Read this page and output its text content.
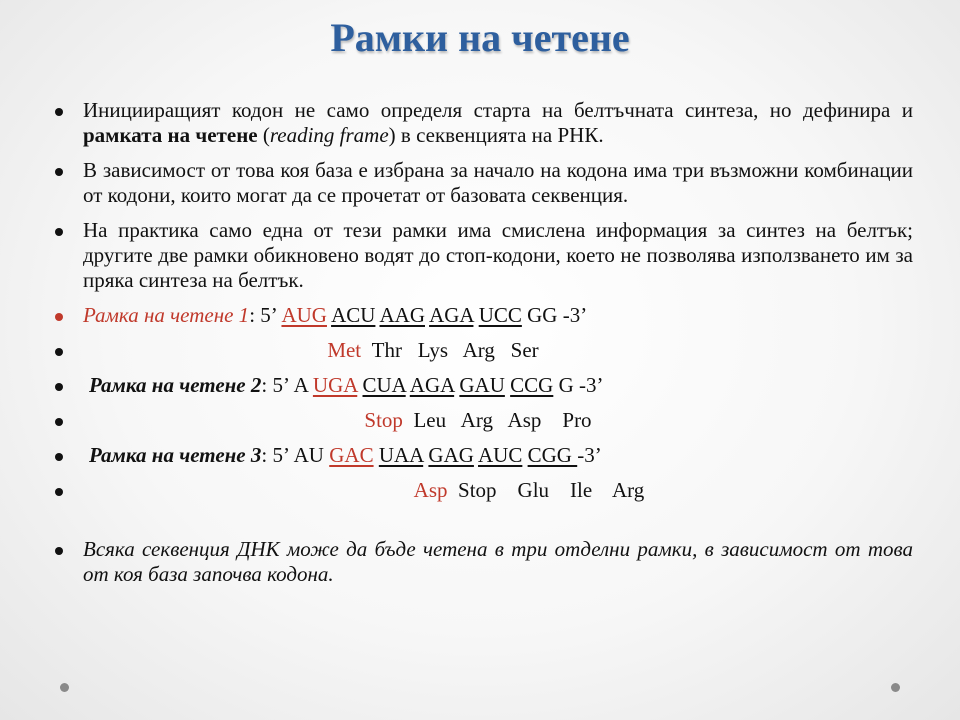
Рамки на четене
Иницииращият кодон не само определя старта на белтъчната синтеза, но дефинира и рамката на четене (reading frame) в секвенцията на РНК.
В зависимост от това коя база е избрана за начало на кодона има три възможни комбинации от кодони, които могат да се прочетат от базовата секвенция.
На практика само една от тези рамки има смислена информация за синтез на белтък; другите две рамки обикновено водят до стоп-кодони, което не позволява използването им за пряка синтеза на белтък.
Рамка на четене 1: 5’ AUG ACU AAG AGA UCC GG -3’
Met Thr   Lys   Arg   Ser
Рамка на четене 2: 5’ A UGA CUA AGA GAU CCG G -3’
Stop Leu   Arg   Asp    Pro
Рамка на четене 3: 5’ AU GAC UAA GAG AUC CGG -3’
Asp Stop    Glu    Ile    Arg
Всяка секвенция ДНК може да бъде четена в три отделни рамки, в зависимост от това от коя база започва кодона.
